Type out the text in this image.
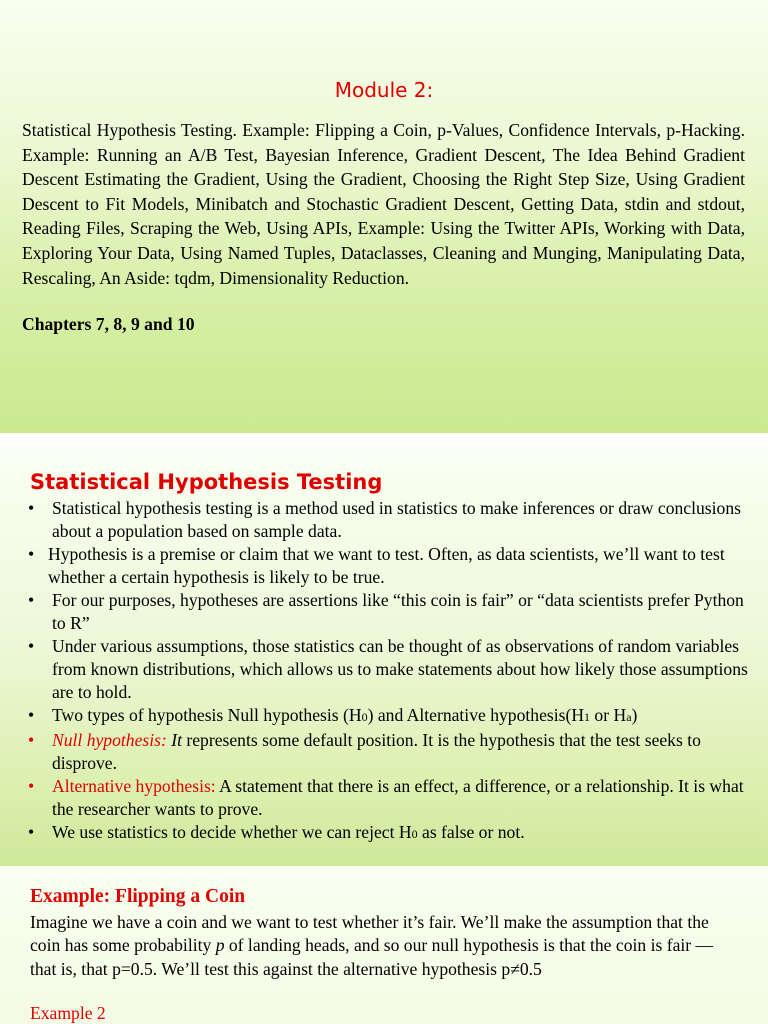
Module 2:
Statistical Hypothesis Testing. Example: Flipping a Coin, p-Values, Confidence Intervals, p-Hacking. Example: Running an A/B Test, Bayesian Inference, Gradient Descent, The Idea Behind Gradient Descent Estimating the Gradient, Using the Gradient, Choosing the Right Step Size, Using Gradient Descent to Fit Models, Minibatch and Stochastic Gradient Descent, Getting Data, stdin and stdout, Reading Files, Scraping the Web, Using APIs, Example: Using the Twitter APIs, Working with Data, Exploring Your Data, Using Named Tuples, Dataclasses, Cleaning and Munging, Manipulating Data, Rescaling, An Aside: tqdm, Dimensionality Reduction.
Chapters 7, 8, 9 and 10
Statistical Hypothesis Testing
• Statistical hypothesis testing is a method used in statistics to make inferences or draw conclusions about a population based on sample data.
• Hypothesis is a premise or claim that we want to test. Often, as data scientists, we’ll want to test whether a certain hypothesis is likely to be true.
• For our purposes, hypotheses are assertions like “this coin is fair” or “data scientists prefer Python to R”
• Under various assumptions, those statistics can be thought of as observations of random variables from known distributions, which allows us to make statements about how likely those assumptions are to hold.
• Two types of hypothesis Null hypothesis (H0) and Alternative hypothesis(H1 or Ha)
• Null hypothesis: It represents some default position. It is the hypothesis that the test seeks to disprove.
• Alternative hypothesis: A statement that there is an effect, a difference, or a relationship. It is what the researcher wants to prove.
• We use statistics to decide whether we can reject H0 as false or not.
Example: Flipping a Coin
Imagine we have a coin and we want to test whether it’s fair. We’ll make the assumption that the coin has some probability p of landing heads, and so our null hypothesis is that the coin is fair — that is, that p=0.5. We’ll test this against the alternative hypothesis p≠0.5
Example 2
